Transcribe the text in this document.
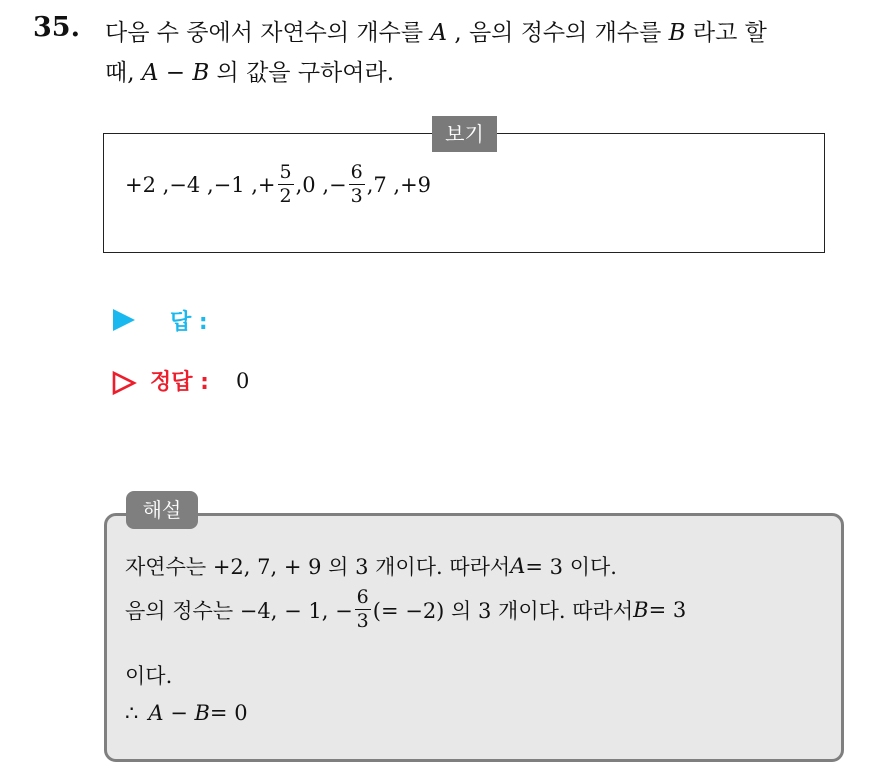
35. 다음 수 중에서 자연수의 개수를 A , 음의 정수의 개수를 B 라고 할
때, A − B 의 값을 구하여라.
보기
+2 ,−4 ,−1 ,+ $\frac{5}{2} ,0$ ,− $\frac{6}{3} ,7$ ,+9
답 :
정답 : 0
해설
자연수는 +2, 7, + 9 의 3 개이다. 따라서 A = 3 이다.
음의 정수는 −4, − 1, − $\frac{6}{3}$ (= −2) 의 3 개이다. 따라서 B = 3
이다.
∴ A − B = 0
